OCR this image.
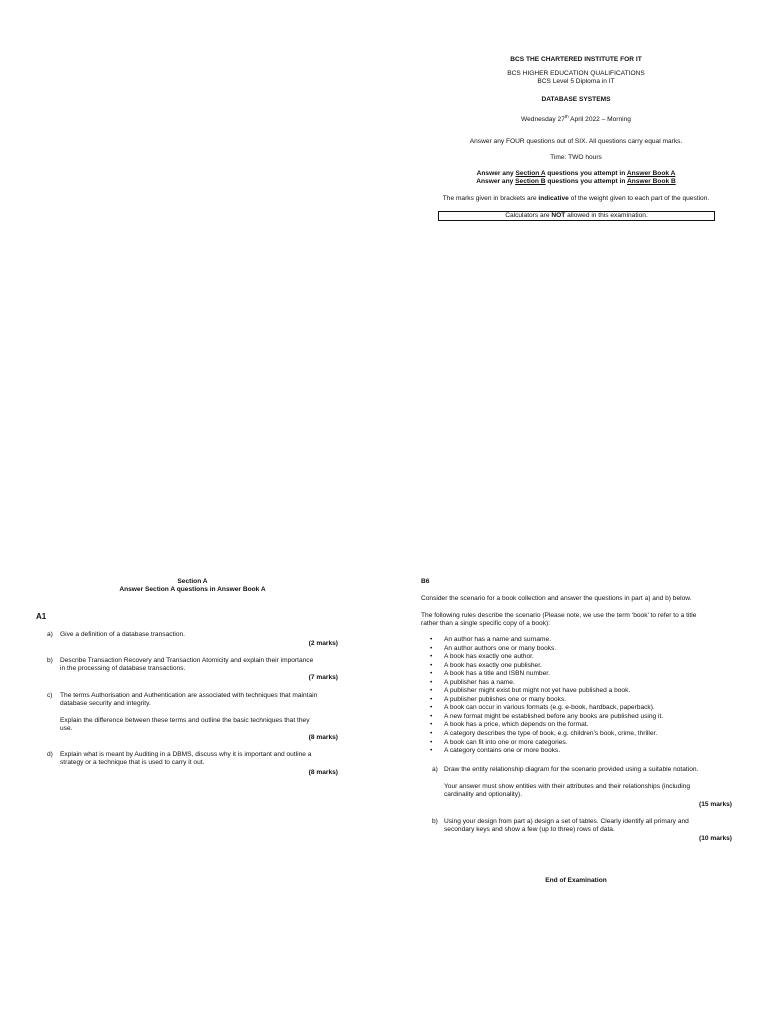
BCS THE CHARTERED INSTITUTE FOR IT
BCS HIGHER EDUCATION QUALIFICATIONS
BCS Level 5 Diploma in IT
DATABASE SYSTEMS
Wednesday 27th April 2022 – Morning
Answer any FOUR questions out of SIX. All questions carry equal marks.
Time: TWO hours
Answer any Section A questions you attempt in Answer Book A
Answer any Section B questions you attempt in Answer Book B
The marks given in brackets are indicative of the weight given to each part of the question.
Calculators are NOT allowed in this examination.
Section A
Answer Section A questions in Answer Book A
A1
a) Give a definition of a database transaction.
(2 marks)
b) Describe Transaction Recovery and Transaction Atomicity and explain their importance
in the processing of database transactions.
(7 marks)
c) The terms Authorisation and Authentication are associated with techniques that maintain
database security and integrity.
Explain the difference between these terms and outline the basic techniques that they
use.
(8 marks)
d) Explain what is meant by Auditing in a DBMS, discuss why it is important and outline a
strategy or a technique that is used to carry it out.
(8 marks)
B6
Consider the scenario for a book collection and answer the questions in part a) and b) below.
The following rules describe the scenario (Please note, we use the term ‘book’ to refer to a title
rather than a single specific copy of a book):
• An author has a name and surname.
• An author authors one or many books.
• A book has exactly one author.
• A book has exactly one publisher.
• A book has a title and ISBN number.
• A publisher has a name.
• A publisher might exist but might not yet have published a book.
• A publisher publishes one or many books.
• A book can occur in various formats (e.g. e-book, hardback, paperback).
• A new format might be established before any books are published using it.
• A book has a price, which depends on the format.
• A category describes the type of book, e.g. children’s book, crime, thriller.
• A book can fit into one or more categories.
• A category contains one or more books.
a) Draw the entity relationship diagram for the scenario provided using a suitable notation.
Your answer must show entities with their attributes and their relationships (including
cardinality and optionality).
(15 marks)
b) Using your design from part a) design a set of tables. Clearly identify all primary and
secondary keys and show a few (up to three) rows of data.
(10 marks)
End of Examination
